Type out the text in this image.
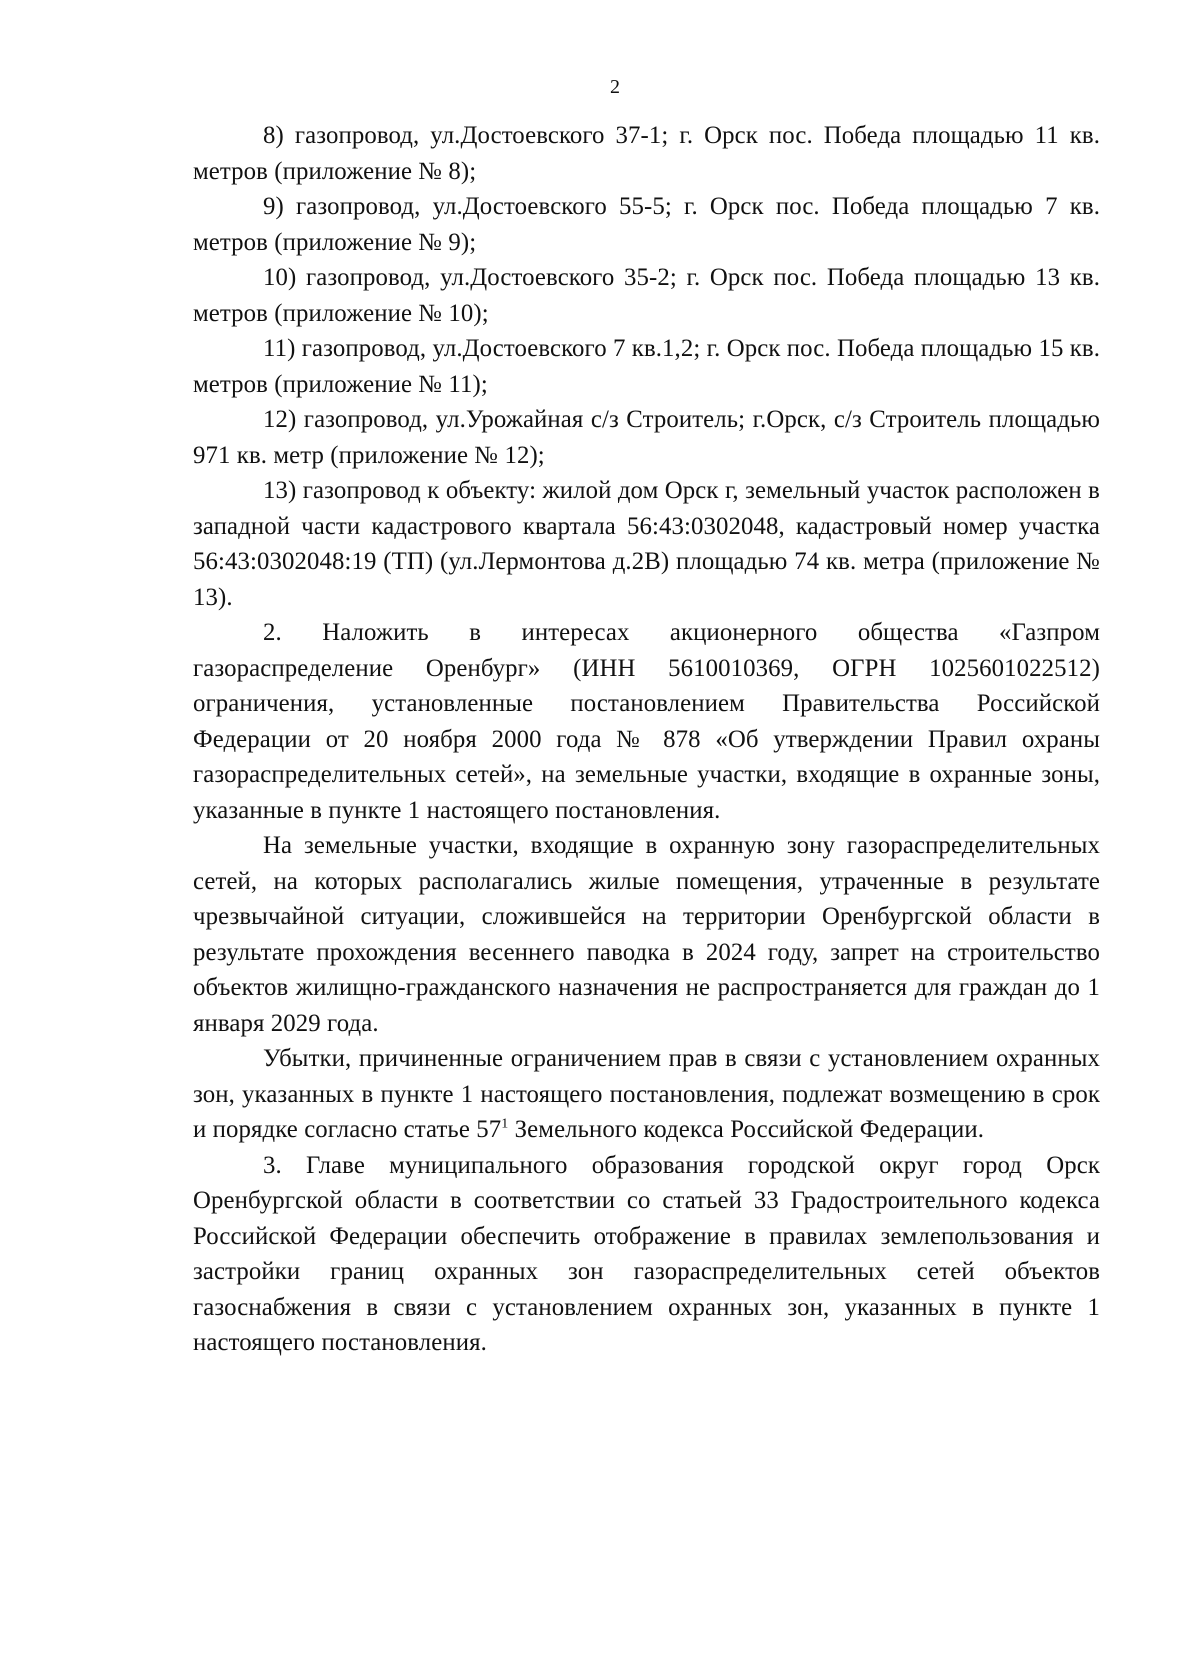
2

8) газопровод, ул.Достоевского 37-1; г. Орск пос. Победа площадью 11 кв. метров (приложение № 8);

9) газопровод, ул.Достоевского 55-5; г. Орск пос. Победа площадью 7 кв. метров (приложение № 9);

10) газопровод, ул.Достоевского 35-2; г. Орск пос. Победа площадью 13 кв. метров (приложение № 10);

11) газопровод, ул.Достоевского 7 кв.1,2; г. Орск пос. Победа площадью 15 кв. метров (приложение № 11);

12) газопровод, ул.Урожайная с/з Строитель; г.Орск, с/з Строитель площадью 971 кв. метр (приложение № 12);

13) газопровод к объекту: жилой дом Орск г, земельный участок расположен в западной части кадастрового квартала 56:43:0302048, кадастровый номер участка 56:43:0302048:19 (ТП) (ул.Лермонтова д.2В) площадью 74 кв. метра (приложение № 13).

2. Наложить в интересах акционерного общества «Газпром газораспределение Оренбург» (ИНН 5610010369, ОГРН 1025601022512) ограничения, установленные постановлением Правительства Российской Федерации от 20 ноября 2000 года № 878 «Об утверждении Правил охраны газораспределительных сетей», на земельные участки, входящие в охранные зоны, указанные в пункте 1 настоящего постановления.

На земельные участки, входящие в охранную зону газораспределительных сетей, на которых располагались жилые помещения, утраченные в результате чрезвычайной ситуации, сложившейся на территории Оренбургской области в результате прохождения весеннего паводка в 2024 году, запрет на строительство объектов жилищно-гражданского назначения не распространяется для граждан до 1 января 2029 года.

Убытки, причиненные ограничением прав в связи с установлением охранных зон, указанных в пункте 1 настоящего постановления, подлежат возмещению в срок и порядке согласно статье $57^1$ Земельного кодекса Российской Федерации.

3. Главе муниципального образования городской округ город Орск Оренбургской области в соответствии со статьей 33 Градостроительного кодекса Российской Федерации обеспечить отображение в правилах землепользования и застройки границ охранных зон газораспределительных сетей объектов газоснабжения в связи с установлением охранных зон, указанных в пункте 1 настоящего постановления.
